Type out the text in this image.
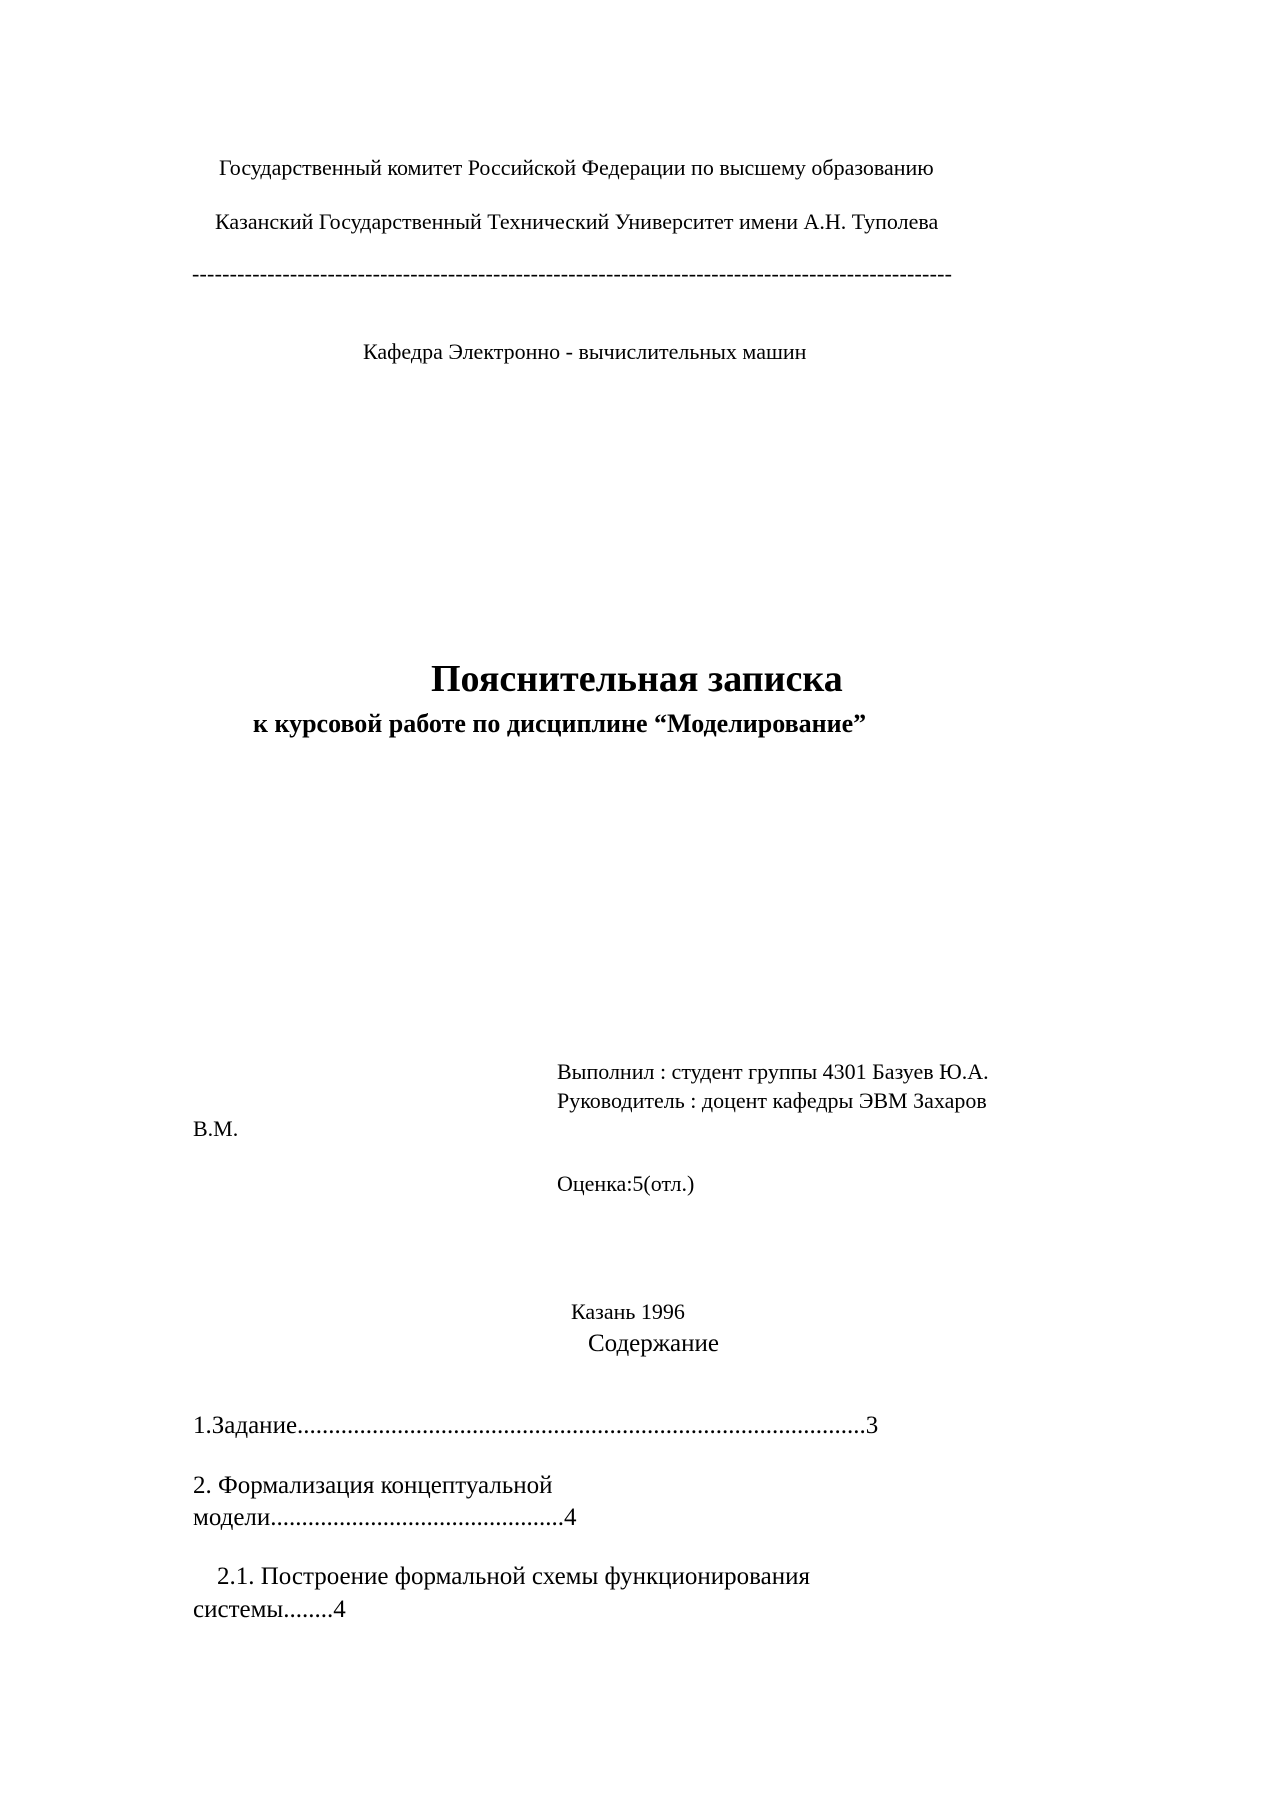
Государственный комитет Российской Федерации по высшему образованию
Казанский Государственный Технический Университет имени А.Н. Туполева
-----------------------------------------------------------------------------------------------------
Кафедра Электронно - вычислительных машин
Пояснительная записка
к курсовой работе по дисциплине “Моделирование”
Выполнил : студент группы 4301 Базуев Ю.А.
Руководитель : доцент кафедры ЭВМ Захаров
В.М.
Оценка:5(отл.)
Казань 1996
Содержание
1.Задание...........................................................................................3
2. Формализация концептуальной
модели...............................................4
2.1. Построение формальной схемы функционирования
системы........4
